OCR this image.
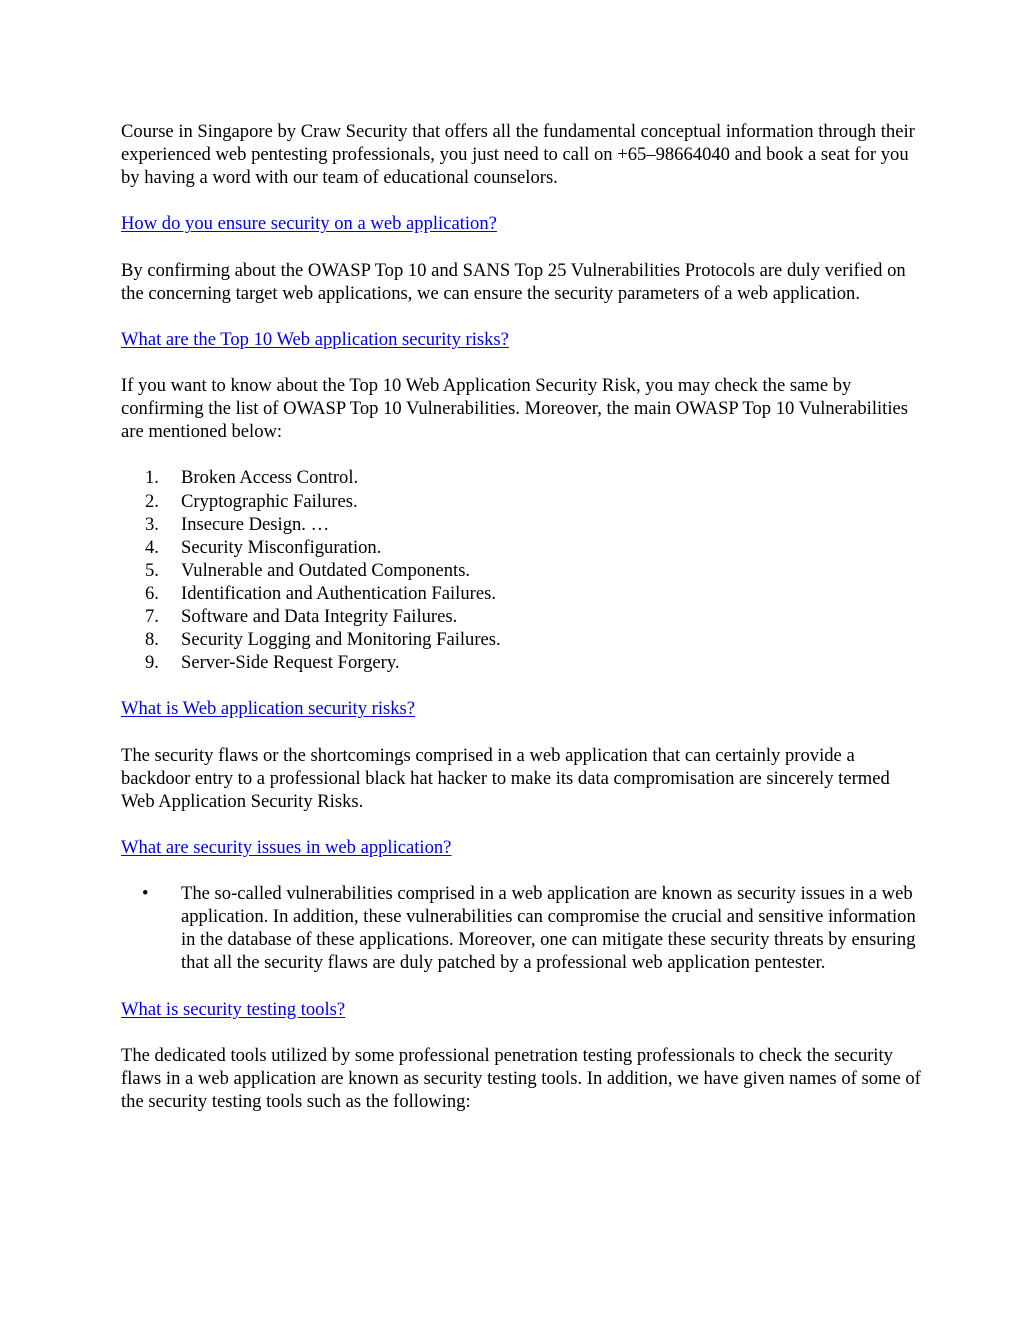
Course in Singapore by Craw Security that offers all the fundamental conceptual information through their experienced web pentesting professionals, you just need to call on +65–98664040 and book a seat for you by having a word with our team of educational counselors.

How do you ensure security on a web application?

By confirming about the OWASP Top 10 and SANS Top 25 Vulnerabilities Protocols are duly verified on the concerning target web applications, we can ensure the security parameters of a web application.

What are the Top 10 Web application security risks?

If you want to know about the Top 10 Web Application Security Risk, you may check the same by confirming the list of OWASP Top 10 Vulnerabilities. Moreover, the main OWASP Top 10 Vulnerabilities are mentioned below:

1. Broken Access Control.
2. Cryptographic Failures.
3. Insecure Design. …
4. Security Misconfiguration.
5. Vulnerable and Outdated Components.
6. Identification and Authentication Failures.
7. Software and Data Integrity Failures.
8. Security Logging and Monitoring Failures.
9. Server-Side Request Forgery.
What is Web application security risks?

The security flaws or the shortcomings comprised in a web application that can certainly provide a backdoor entry to a professional black hat hacker to make its data compromisation are sincerely termed Web Application Security Risks.

What are security issues in web application?
• The so-called vulnerabilities comprised in a web application are known as security issues in a web application. In addition, these vulnerabilities can compromise the crucial and sensitive information in the database of these applications. Moreover, one can mitigate these security threats by ensuring that all the security flaws are duly patched by a professional web application pentester.
What is security testing tools?

The dedicated tools utilized by some professional penetration testing professionals to check the security flaws in a web application are known as security testing tools. In addition, we have given names of some of the security testing tools such as the following:
